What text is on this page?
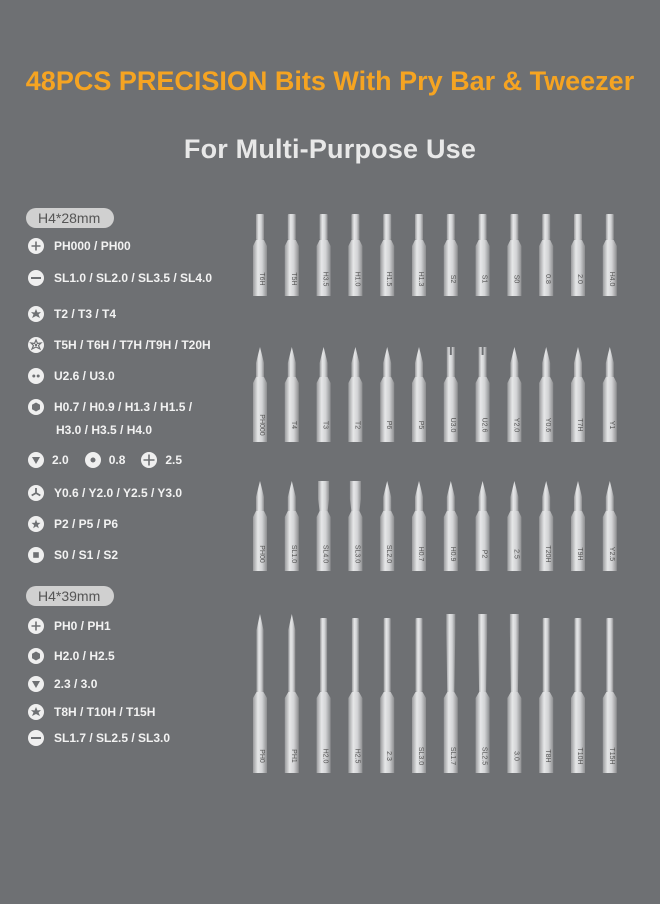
48PCS PRECISION Bits With Pry Bar & Tweezer
For Multi-Purpose Use
H4*28mm
PH000 / PH00
SL1.0 / SL2.0 / SL3.5 / SL4.0
T2 / T3 / T4
T5H / T6H / T7H /T9H / T20H
U2.6 / U3.0
H0.7 / H0.9 / H1.3 / H1.5 /
H3.0 / H3.5 / H4.0
2.0	0.8	2.5
Y0.6 / Y2.0 / Y2.5 / Y3.0
P2 / P5 / P6
S0 / S1 / S2
H4*39mm
PH0 / PH1
H2.0 / H2.5
2.3 / 3.0
T8H / T10H / T15H
SL1.7 / SL2.5 / SL3.0
T6H	T5H	H3.5	H1.0	H1.5	H1.3	S2	S1	S0	0.8	2.0	H4.0
PH000	T4	T3	T2	P6	P5	U3.0	U2.6	Y2.0	Y0.6	T7H	Y1
PH00	SL1.0	SL4.0	SL3.0	SL2.0	H0.7	H0.9	P2	2.5	T20H	T9H	Y2.5
PH0	PH1	H2.0	H2.5	2.3	SL3.0	SL1.7	SL2.5	3.0	T8H	T10H	T15H
